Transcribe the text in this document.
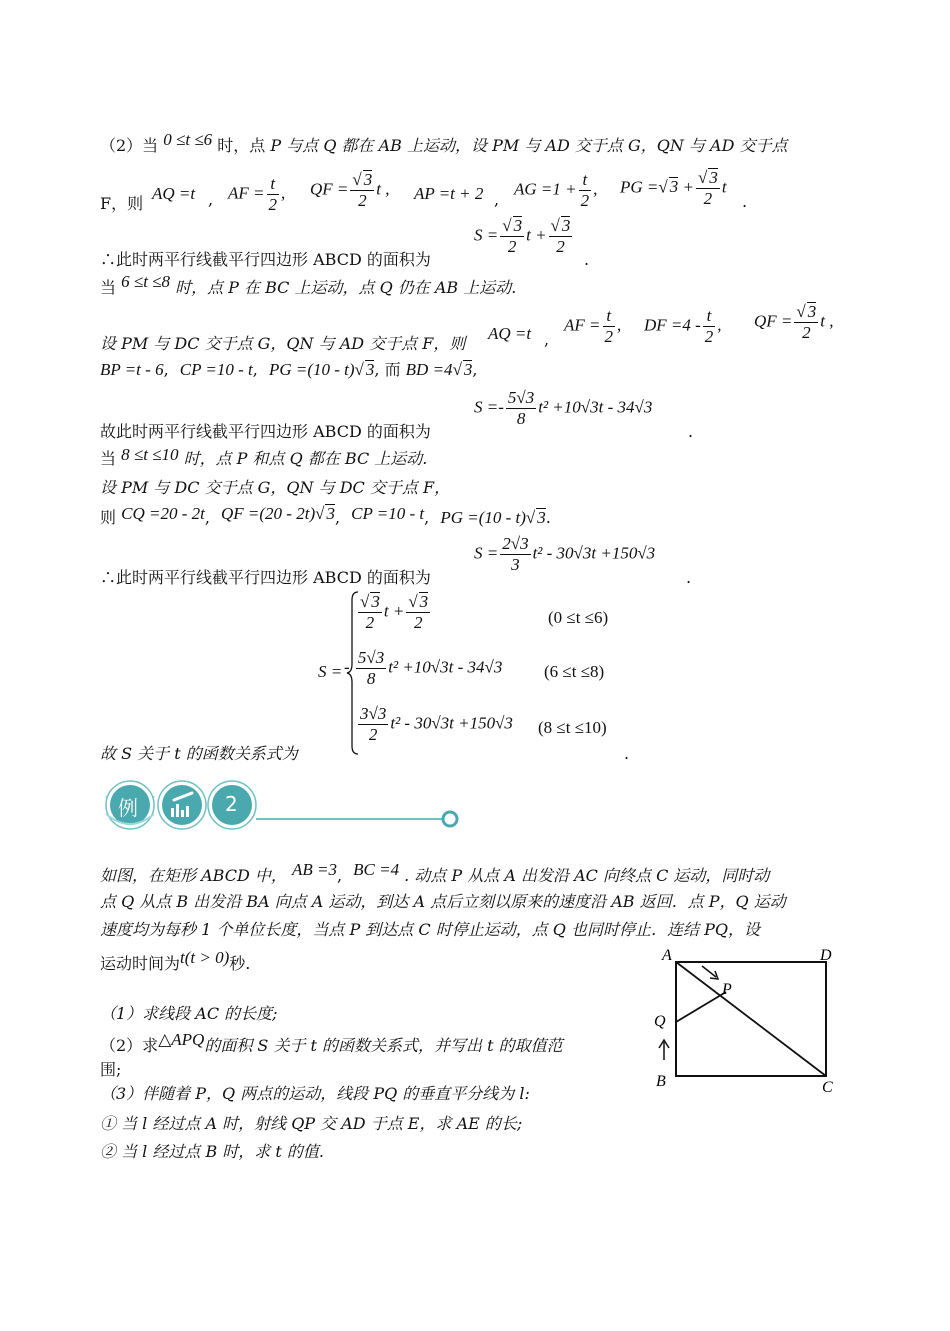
（2）当 0 ≤t ≤6 时，点 P 与点 Q 都在 AB 上运动，设 PM 与 AD 交于点 G，QN 与 AD 交于点
F，则
AQ =t , AF = $\frac{t}{2}$ , QF = $\frac{√ 3}{2}$ t , AP =t + 2 ,
AG $=1 + \frac{t}{2}$ , PG =√ $3 + \frac{√ 3}{2}$ t
.
∴此时两平行线截平行四边形 ABCD 的面积为
$S = \frac{√ 3}{2}$ $t + \frac{√ 3}{2}$
.
当 6 ≤t ≤8 时，点 P 在 BC 上运动，点 Q 仍在 AB 上运动.
设 PM 与 DC 交于点 G，QN 与 AD 交于点 F，则
AQ =t ,
AF = $\frac{t}{2}$ , DF $=4 - \frac{t}{2}$ , QF = $\frac{√ 3}{2}$ t ,
BP =t - 6, CP =10 - t, PG =(10 - t)√ 3, 而 BD =4√ 3,
故此时两平行线截平行四边形 ABCD 的面积为
$S =- \frac{5√3}{8} t^2 +10√3t - 34√3$
.
当 8 ≤t ≤10 时，点 P 和点 Q 都在 BC 上运动.
设 PM 与 DC 交于点 G，QN 与 DC 交于点 F，
则 CQ =20 - 2t, QF =(20 - 2t)√ 3, CP =10 - t, PG =(10 - t)√ 3.
∴此时两平行线截平行四边形 ABCD 的面积为
$S = \frac{2√3}{3} t^2 - 30√3t +150√3$
.
S =
$\frac{√ 3}{2}$ $t + \frac{√ 3}{2}$	(0 ≤t ≤6)
- $\frac{5√3}{8} t^2 +10√3t - 34√3$ (6 ≤t ≤8)
$\frac{3√3}{2} t^2 - 30√3t +150√3$ (8 ≤t ≤10)
故 S 关于 t 的函数关系式为	.
例	2
如图，在矩形 ABCD 中， AB =3, BC =4 . 动点 P 从点 A 出发沿 AC 向终点 C 运动，同时动
点 Q 从点 B 出发沿 BA 向点 A 运动，到达 A 点后立刻以原来的速度沿 AB 返回．点 P，Q 运动
速度均为每秒 1 个单位长度，当点 P 到达点 C 时停止运动，点 Q 也同时停止．连结 PQ，设
运动时间为t(t > 0)秒.
（1）求线段 AC 的长度;
（2）求△APQ的面积 S 关于 t 的函数关系式，并写出 t 的取值范
围;
（3）伴随着 P，Q 两点的运动，线段 PQ 的垂直平分线为 l:
① 当 l 经过点 A 时，射线 QP 交 AD 于点 E，求 AE 的长;
② 当 l 经过点 B 时，求 t 的值.
A	D
B	C
P
Q
